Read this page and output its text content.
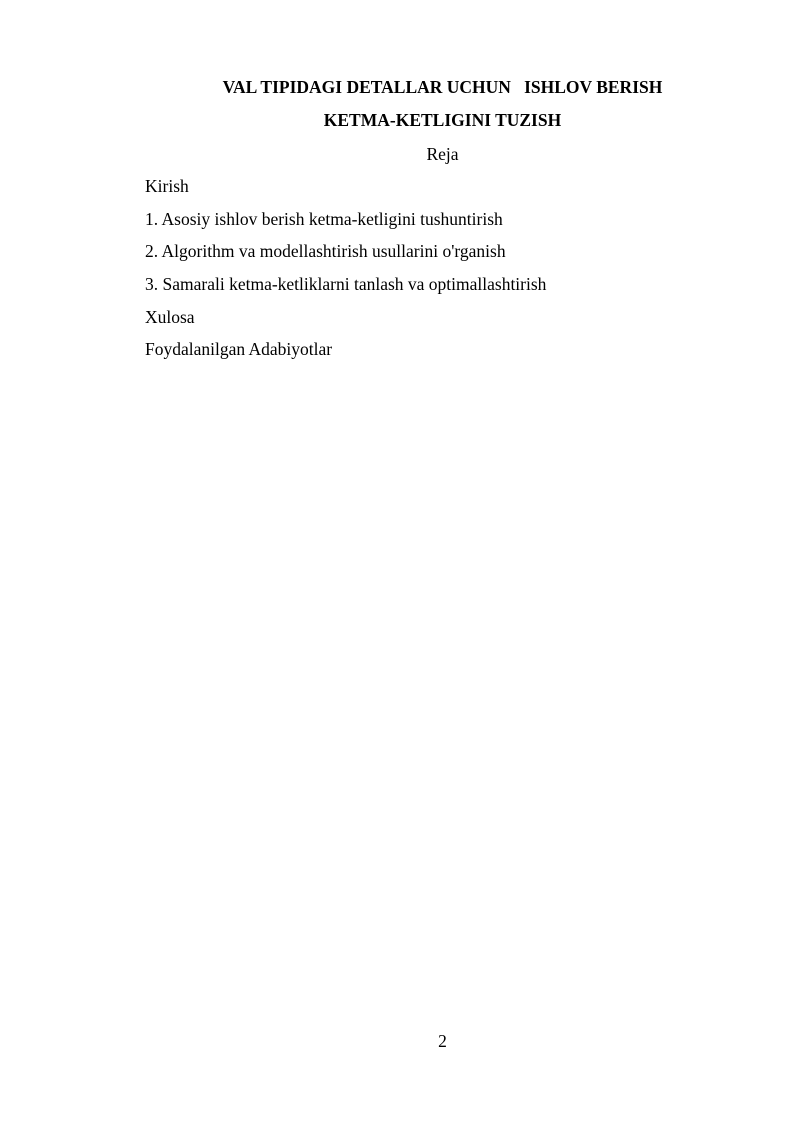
VAL TIPIDAGI DETALLAR UCHUN   ISHLOV BERISH
KETMA-KETLIGINI TUZISH
Reja
Kirish
1. Asosiy ishlov berish ketma-ketligini tushuntirish
2. Algorithm va modellashtirish usullarini o'rganish
3. Samarali ketma-ketliklarni tanlash va optimallashtirish
Xulosa
Foydalanilgan Adabiyotlar
2
